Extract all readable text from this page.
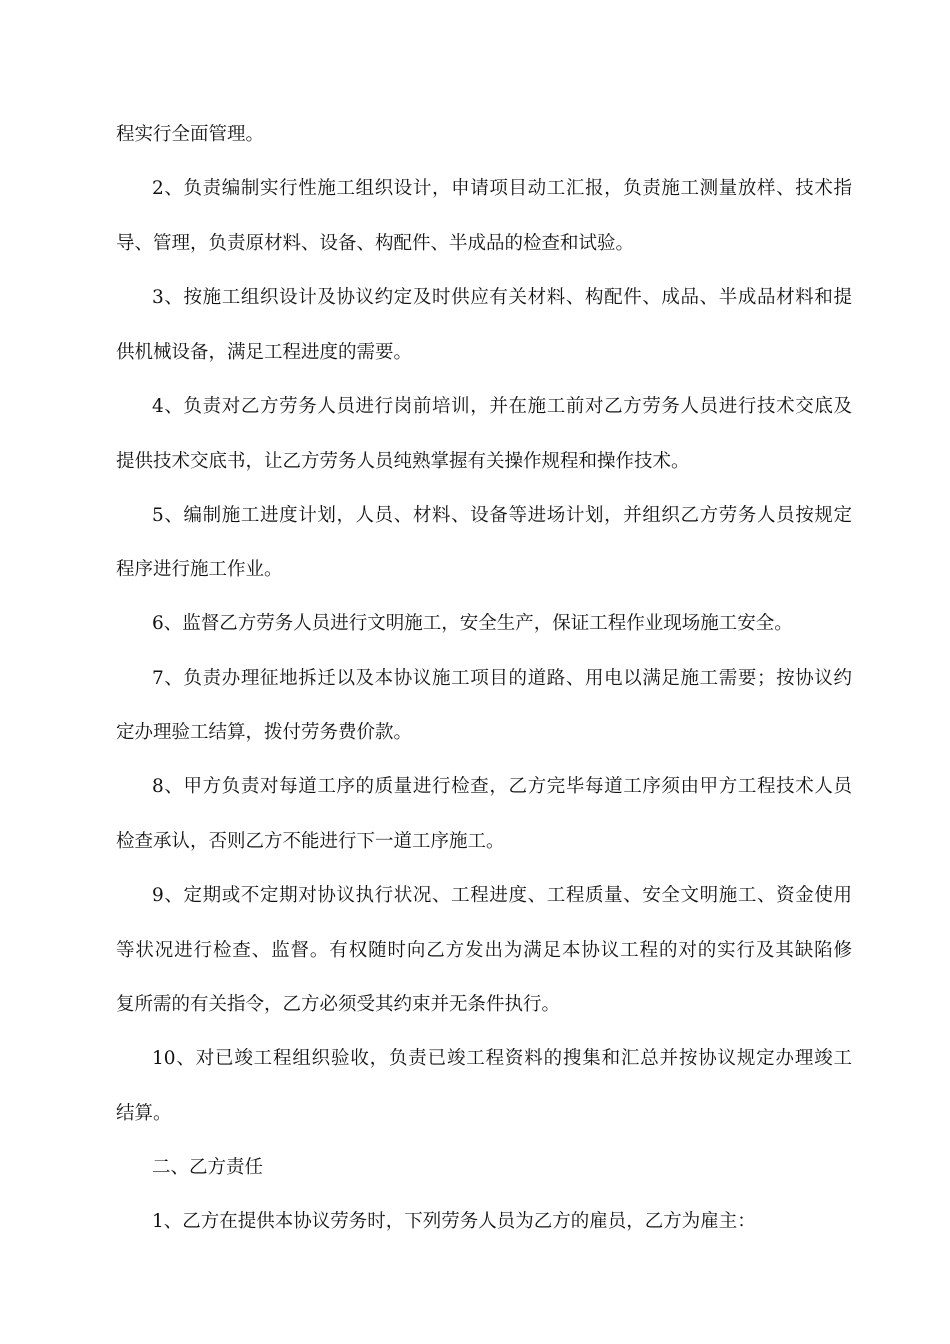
程实行全面管理。
2、负责编制实行性施工组织设计，申请项目动工汇报，负责施工测量放样、技术指
导、管理，负责原材料、设备、构配件、半成品的检查和试验。
3、按施工组织设计及协议约定及时供应有关材料、构配件、成品、半成品材料和提
供机械设备，满足工程进度的需要。
4、负责对乙方劳务人员进行岗前培训，并在施工前对乙方劳务人员进行技术交底及
提供技术交底书，让乙方劳务人员纯熟掌握有关操作规程和操作技术。
5、编制施工进度计划，人员、材料、设备等进场计划，并组织乙方劳务人员按规定
程序进行施工作业。
6、监督乙方劳务人员进行文明施工，安全生产，保证工程作业现场施工安全。
7、负责办理征地拆迁以及本协议施工项目的道路、用电以满足施工需要；按协议约
定办理验工结算，拨付劳务费价款。
8、甲方负责对每道工序的质量进行检查，乙方完毕每道工序须由甲方工程技术人员
检查承认，否则乙方不能进行下一道工序施工。
9、定期或不定期对协议执行状况、工程进度、工程质量、安全文明施工、资金使用
等状况进行检查、监督。有权随时向乙方发出为满足本协议工程的对的实行及其缺陷修
复所需的有关指令，乙方必须受其约束并无条件执行。
10、对已竣工程组织验收，负责已竣工程资料的搜集和汇总并按协议规定办理竣工
结算。
二、乙方责任
1、乙方在提供本协议劳务时，下列劳务人员为乙方的雇员，乙方为雇主：
